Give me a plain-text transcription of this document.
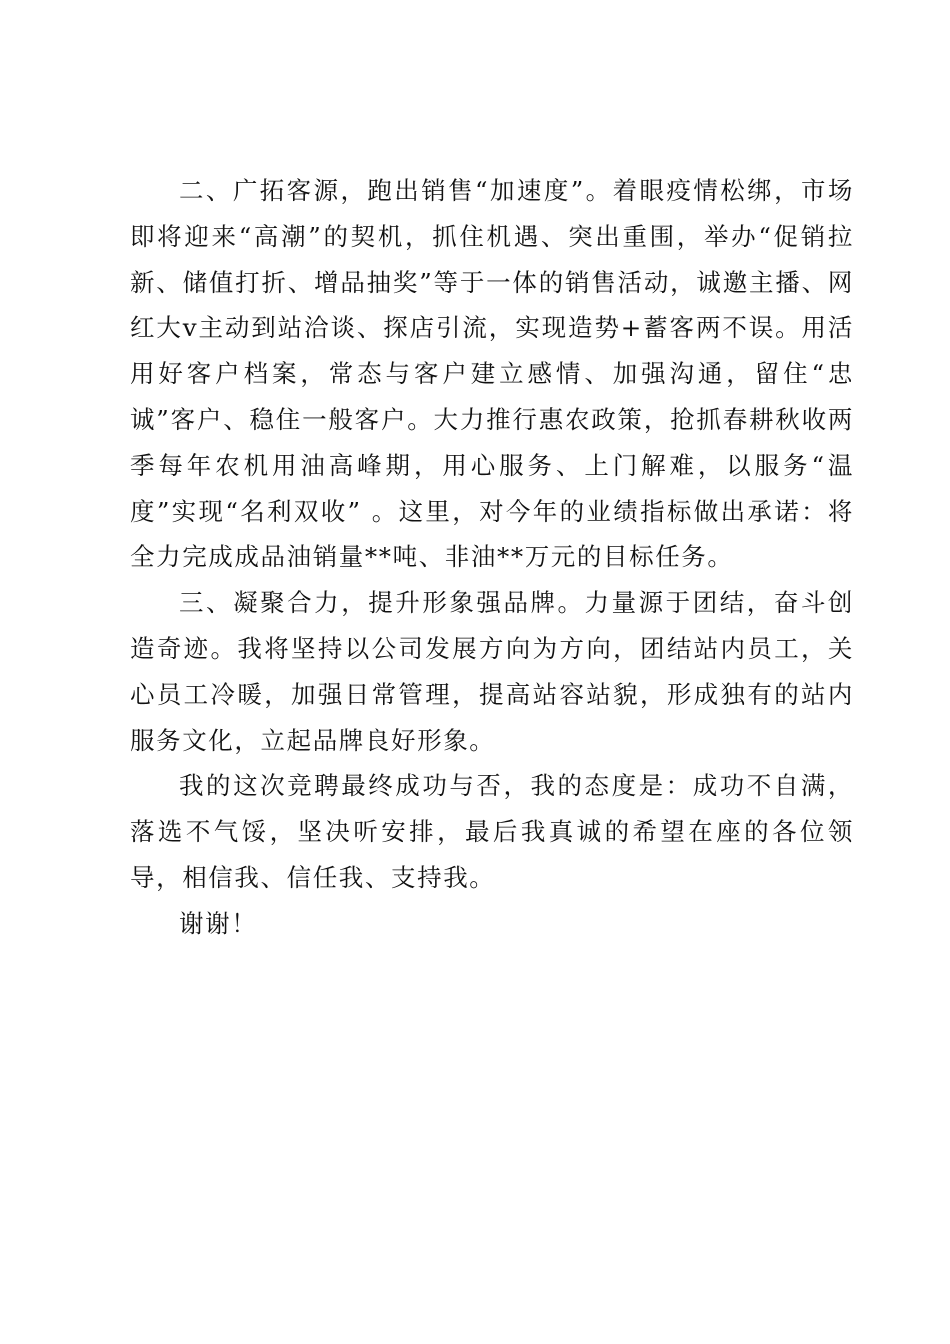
二、广拓客源，跑出销售“加速度”。着眼疫情松绑，市场即将迎来“高潮”的契机，抓住机遇、突出重围，举办“促销拉新、储值打折、增品抽奖”等于一体的销售活动，诚邀主播、网红大v主动到站洽谈、探店引流，实现造势+蓄客两不误。用活用好客户档案，常态与客户建立感情、加强沟通，留住“忠诚”客户、稳住一般客户。大力推行惠农政策，抢抓春耕秋收两季每年农机用油高峰期，用心服务、上门解难，以服务“温度”实现“名利双收” 。这里，对今年的业绩指标做出承诺：将全力完成成品油销量**吨、非油**万元的目标任务。

三、凝聚合力，提升形象强品牌。力量源于团结，奋斗创造奇迹。我将坚持以公司发展方向为方向，团结站内员工，关心员工冷暖，加强日常管理，提高站容站貌，形成独有的站内服务文化，立起品牌良好形象。

我的这次竞聘最终成功与否，我的态度是：成功不自满，落选不气馁，坚决听安排，最后我真诚的希望在座的各位领导，相信我、信任我、支持我。

谢谢！
